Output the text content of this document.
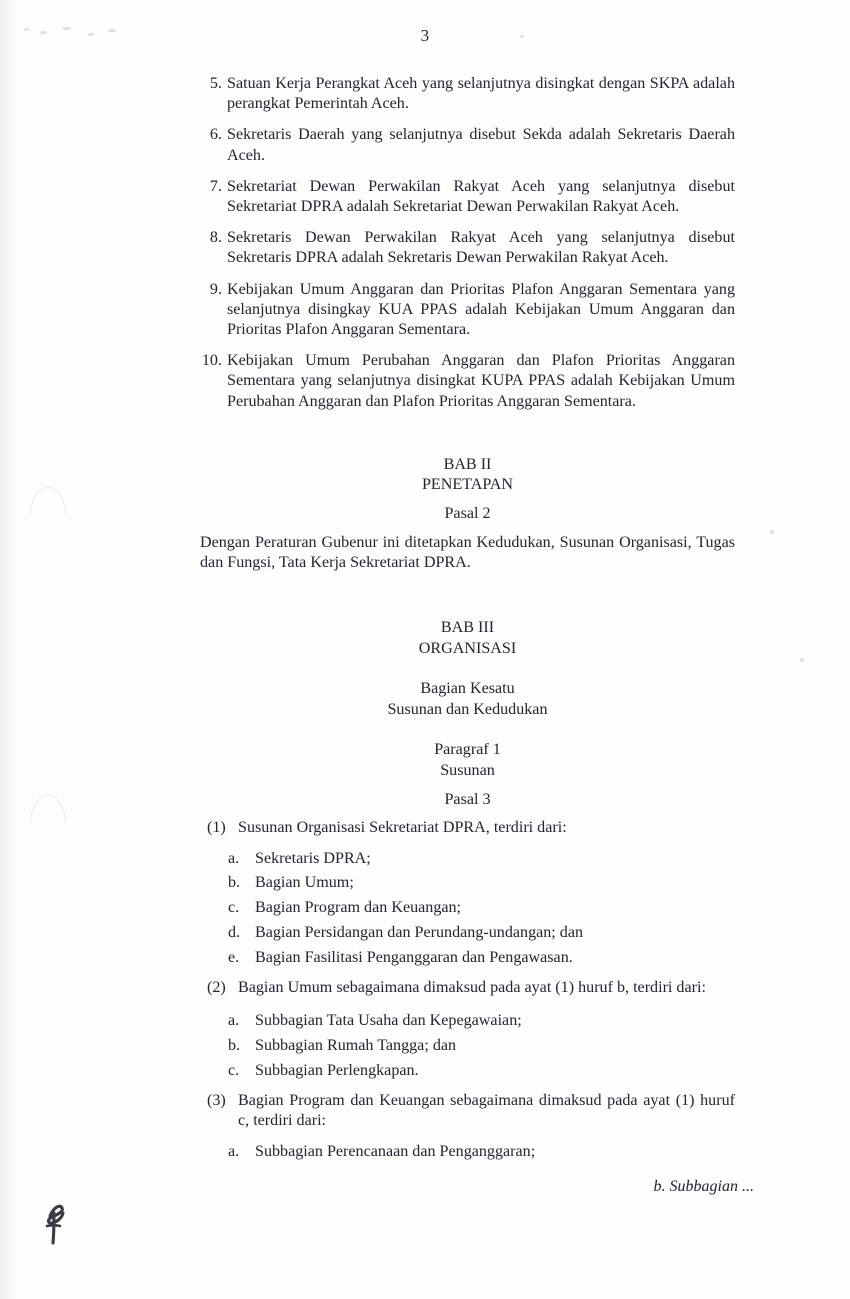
3
5. Satuan Kerja Perangkat Aceh yang selanjutnya disingkat dengan SKPA adalah perangkat Pemerintah Aceh.
6. Sekretaris Daerah yang selanjutnya disebut Sekda adalah Sekretaris Daerah Aceh.
7. Sekretariat Dewan Perwakilan Rakyat Aceh yang selanjutnya disebut Sekretariat DPRA adalah Sekretariat Dewan Perwakilan Rakyat Aceh.
8. Sekretaris Dewan Perwakilan Rakyat Aceh yang selanjutnya disebut Sekretaris DPRA adalah Sekretaris Dewan Perwakilan Rakyat Aceh.
9. Kebijakan Umum Anggaran dan Prioritas Plafon Anggaran Sementara yang selanjutnya disingkay KUA PPAS adalah Kebijakan Umum Anggaran dan Prioritas Plafon Anggaran Sementara.
10. Kebijakan Umum Perubahan Anggaran dan Plafon Prioritas Anggaran Sementara yang selanjutnya disingkat KUPA PPAS adalah Kebijakan Umum Perubahan Anggaran dan Plafon Prioritas Anggaran Sementara.
BAB II
PENETAPAN
Pasal 2
Dengan Peraturan Gubenur ini ditetapkan Kedudukan, Susunan Organisasi, Tugas dan Fungsi, Tata Kerja Sekretariat DPRA.
BAB III
ORGANISASI
Bagian Kesatu
Susunan dan Kedudukan
Paragraf 1
Susunan
Pasal 3
(1) Susunan Organisasi Sekretariat DPRA, terdiri dari:
a. Sekretaris DPRA;
b. Bagian Umum;
c. Bagian Program dan Keuangan;
d. Bagian Persidangan dan Perundang-undangan; dan
e. Bagian Fasilitasi Penganggaran dan Pengawasan.
(2) Bagian Umum sebagaimana dimaksud pada ayat (1) huruf b, terdiri dari:
a. Subbagian Tata Usaha dan Kepegawaian;
b. Subbagian Rumah Tangga; dan
c. Subbagian Perlengkapan.
(3) Bagian Program dan Keuangan sebagaimana dimaksud pada ayat (1) huruf c, terdiri dari:
a. Subbagian Perencanaan dan Penganggaran;
b. Subbagian ...
